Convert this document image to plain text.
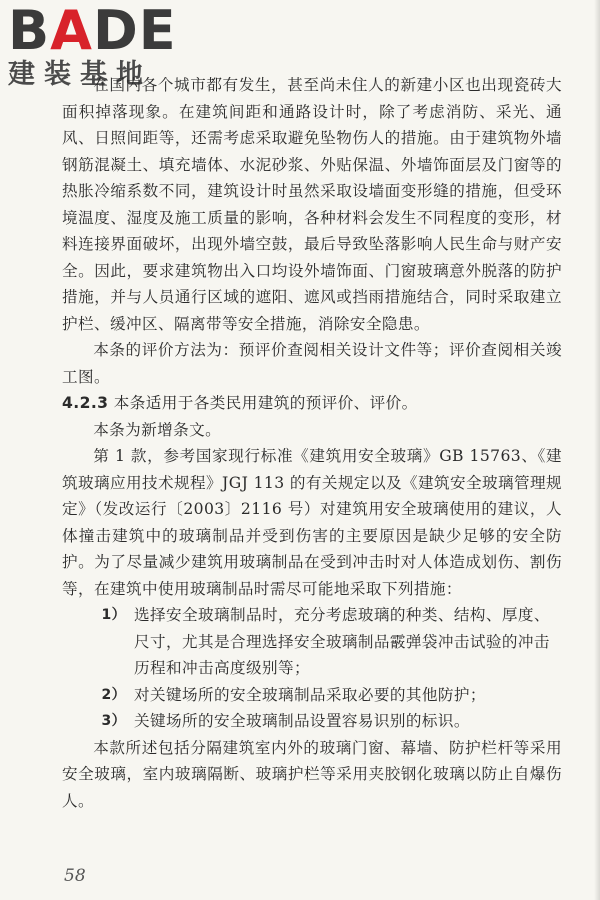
BADE
建装基地

在国内各个城市都有发生，甚至尚未住人的新建小区也出现瓷砖大面积掉落现象。在建筑间距和通路设计时，除了考虑消防、采光、通风、日照间距等，还需考虑采取避免坠物伤人的措施。由于建筑物外墙钢筋混凝土、填充墙体、水泥砂浆、外贴保温、外墙饰面层及门窗等的热胀冷缩系数不同，建筑设计时虽然采取设墙面变形缝的措施，但受环境温度、湿度及施工质量的影响，各种材料会发生不同程度的变形，材料连接界面破坏，出现外墙空鼓，最后导致坠落影响人民生命与财产安全。因此，要求建筑物出入口均设外墙饰面、门窗玻璃意外脱落的防护措施，并与人员通行区域的遮阳、遮风或挡雨措施结合，同时采取建立护栏、缓冲区、隔离带等安全措施，消除安全隐患。

本条的评价方法为：预评价查阅相关设计文件等；评价查阅相关竣工图。

4.2.3 本条适用于各类民用建筑的预评价、评价。

本条为新增条文。

第 1 款，参考国家现行标准《建筑用安全玻璃》GB 15763、《建筑玻璃应用技术规程》JGJ 113 的有关规定以及《建筑安全玻璃管理规定》（发改运行〔2003〕2116 号）对建筑用安全玻璃使用的建议，人体撞击建筑中的玻璃制品并受到伤害的主要原因是缺少足够的安全防护。为了尽量减少建筑用玻璃制品在受到冲击时对人体造成划伤、割伤等，在建筑中使用玻璃制品时需尽可能地采取下列措施：

1） 选择安全玻璃制品时，充分考虑玻璃的种类、结构、厚度、尺寸，尤其是合理选择安全玻璃制品霰弹袋冲击试验的冲击历程和冲击高度级别等；
2） 对关键场所的安全玻璃制品采取必要的其他防护；
3） 关键场所的安全玻璃制品设置容易识别的标识。

本款所述包括分隔建筑室内外的玻璃门窗、幕墙、防护栏杆等采用安全玻璃，室内玻璃隔断、玻璃护栏等采用夹胶钢化玻璃以防止自爆伤人。

58
